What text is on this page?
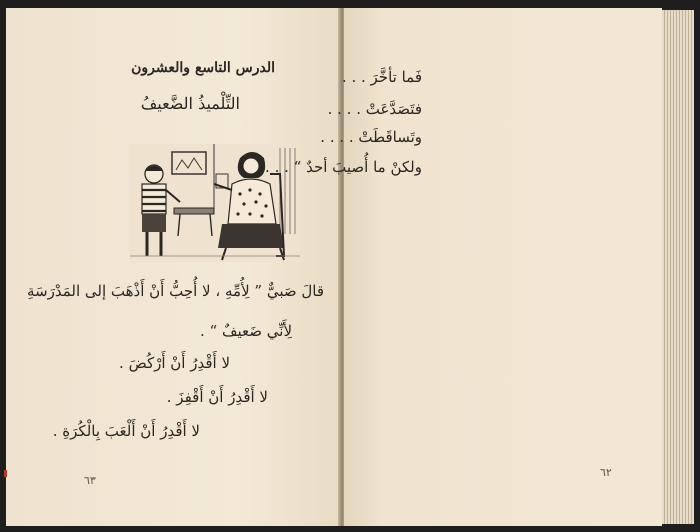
الدرس التاسع والعشرون
التِّلْميذُ الضَّعيفُ
قالَ صَبيٌّ ” لِأُمِّهِ ، لا أُحِبُّ أَنْ أَذْهَبَ إلى المَدْرَسَةِ
لِأَنِّي ضَعيفٌ “ .
لا أَقْدِرُ أَنْ أَرْكُضَ .
لا أَقْدِرُ أَنْ أَقْفِزَ .
لا أَقْدِرُ أَنْ أَلْعَبَ بِالْكُرَةِ .
٦٣
فَما تأخَّرَ . . .
فتَصَدَّعَتْ . . . .
وتَساقَطَتْ . . . .
ولكنْ ما أُصيبَ أحدٌ “ . . .
٦٢
